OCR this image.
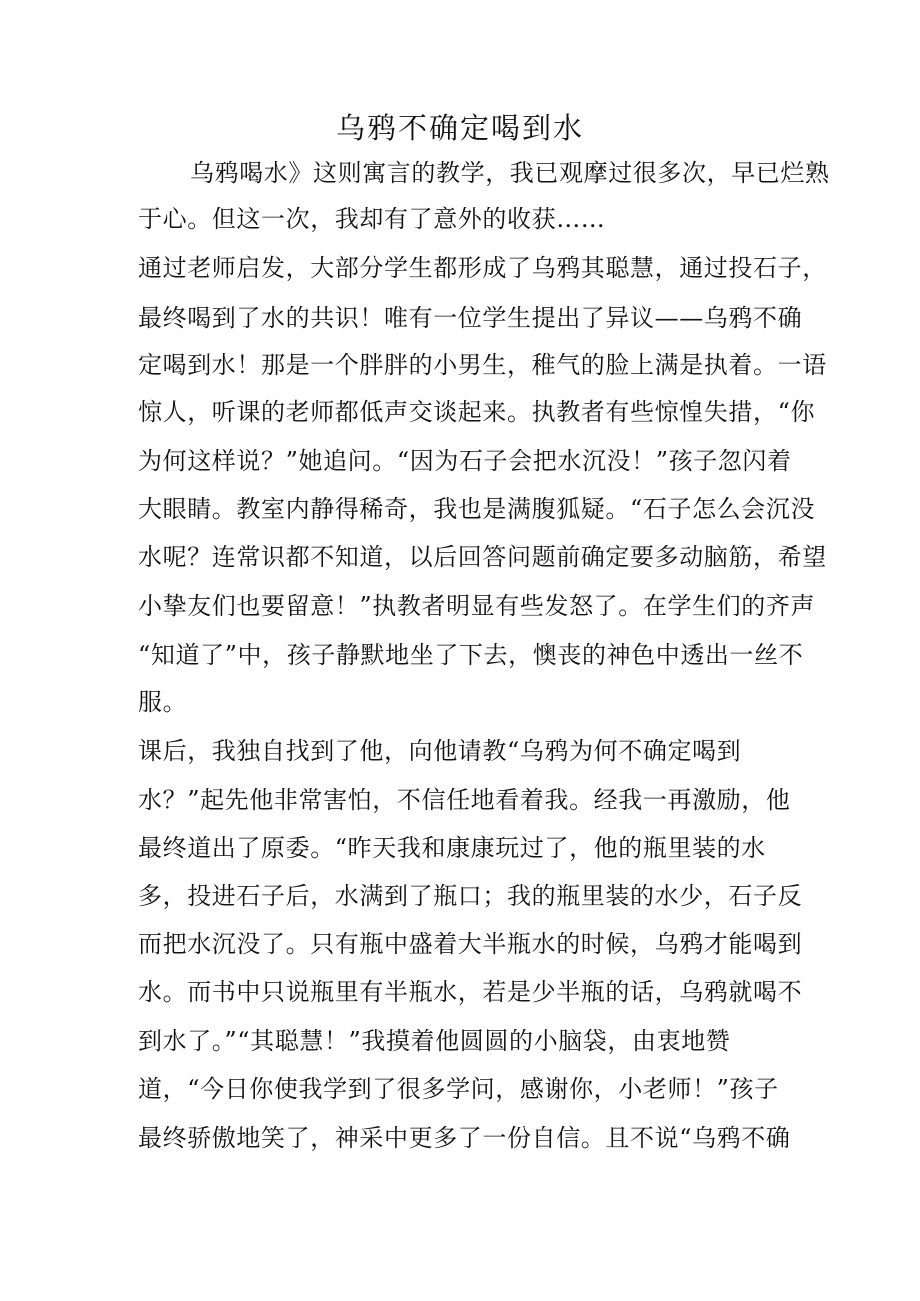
乌鸦不确定喝到水
乌鸦喝水》这则寓言的教学，我已观摩过很多次，早已烂熟
于心。但这一次，我却有了意外的收获……
通过老师启发，大部分学生都形成了乌鸦其聪慧，通过投石子，
最终喝到了水的共识！唯有一位学生提出了异议——乌鸦不确
定喝到水！那是一个胖胖的小男生，稚气的脸上满是执着。一语
惊人，听课的老师都低声交谈起来。执教者有些惊惶失措，“你
为何这样说？”她追问。“因为石子会把水沉没！”孩子忽闪着
大眼睛。教室内静得稀奇，我也是满腹狐疑。“石子怎么会沉没
水呢？连常识都不知道，以后回答问题前确定要多动脑筋，希望
小挚友们也要留意！”执教者明显有些发怒了。在学生们的齐声
“知道了”中，孩子静默地坐了下去，懊丧的神色中透出一丝不
服。
课后，我独自找到了他，向他请教“乌鸦为何不确定喝到
水？”起先他非常害怕，不信任地看着我。经我一再激励，他
最终道出了原委。“昨天我和康康玩过了，他的瓶里装的水
多，投进石子后，水满到了瓶口；我的瓶里装的水少，石子反
而把水沉没了。只有瓶中盛着大半瓶水的时候，乌鸦才能喝到
水。而书中只说瓶里有半瓶水，若是少半瓶的话，乌鸦就喝不
到水了。”“其聪慧！”我摸着他圆圆的小脑袋，由衷地赞
道，“今日你使我学到了很多学问，感谢你，小老师！”孩子
最终骄傲地笑了，神采中更多了一份自信。且不说“乌鸦不确
